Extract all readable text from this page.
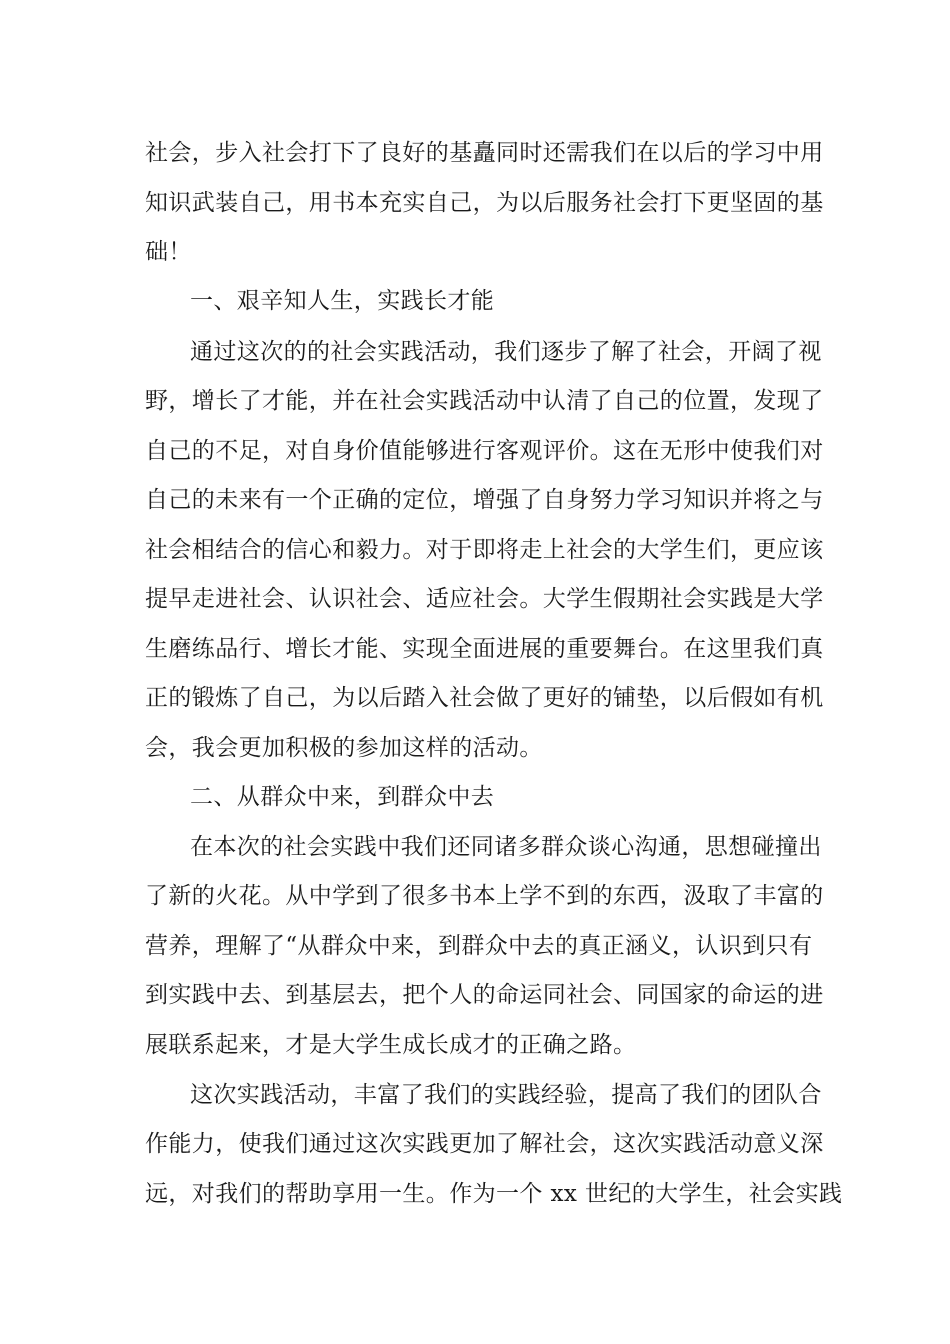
社会，步入社会打下了良好的基矗同时还需我们在以后的学习中用
知识武装自己，用书本充实自己，为以后服务社会打下更坚固的基
础！
一、艰辛知人生，实践长才能
通过这次的的社会实践活动，我们逐步了解了社会，开阔了视
野，增长了才能，并在社会实践活动中认清了自己的位置，发现了
自己的不足，对自身价值能够进行客观评价。这在无形中使我们对
自己的未来有一个正确的定位，增强了自身努力学习知识并将之与
社会相结合的信心和毅力。对于即将走上社会的大学生们，更应该
提早走进社会、认识社会、适应社会。大学生假期社会实践是大学
生磨练品行、增长才能、实现全面进展的重要舞台。在这里我们真
正的锻炼了自己，为以后踏入社会做了更好的铺垫，以后假如有机
会，我会更加积极的参加这样的活动。
二、从群众中来，到群众中去
在本次的社会实践中我们还同诸多群众谈心沟通，思想碰撞出
了新的火花。从中学到了很多书本上学不到的东西，汲取了丰富的
营养，理解了“从群众中来，到群众中去的真正涵义，认识到只有
到实践中去、到基层去，把个人的命运同社会、同国家的命运的进
展联系起来，才是大学生成长成才的正确之路。
这次实践活动，丰富了我们的实践经验，提高了我们的团队合
作能力，使我们通过这次实践更加了解社会，这次实践活动意义深
远，对我们的帮助享用一生。作为一个 xx 世纪的大学生，社会实践
